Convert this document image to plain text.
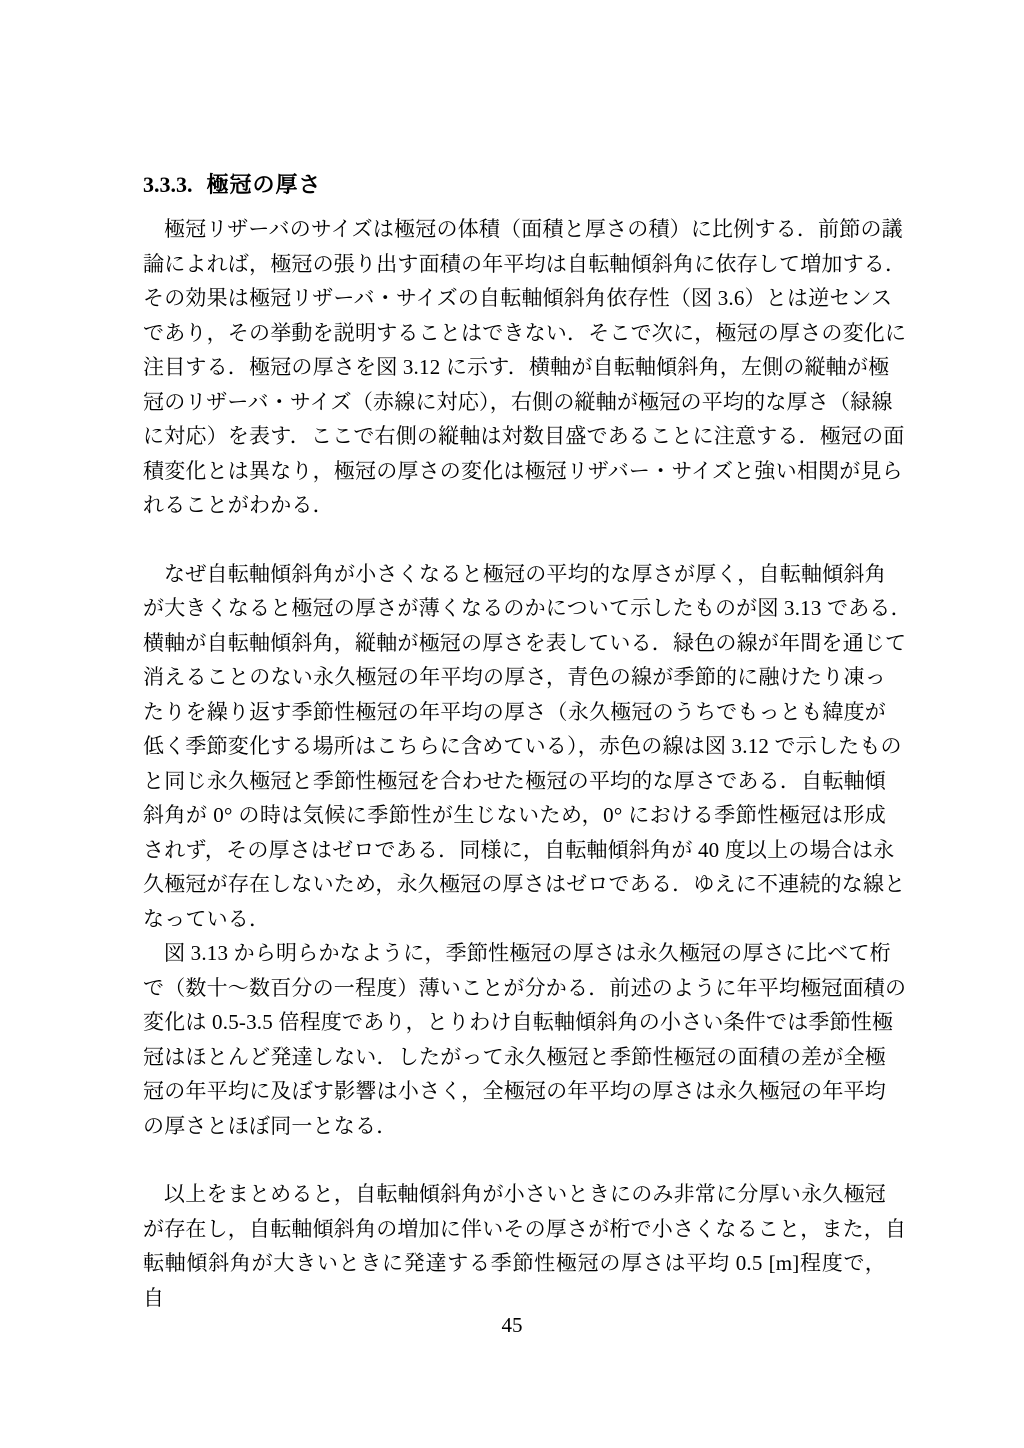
3.3.3. 極冠の厚さ
極冠リザーバのサイズは極冠の体積（面積と厚さの積）に比例する．前節の議
論によれば，極冠の張り出す面積の年平均は自転軸傾斜角に依存して増加する．
その効果は極冠リザーバ・サイズの自転軸傾斜角依存性（図 3.6）とは逆センス
であり，その挙動を説明することはできない．そこで次に，極冠の厚さの変化に
注目する．極冠の厚さを図 3.12 に示す．横軸が自転軸傾斜角，左側の縦軸が極
冠のリザーバ・サイズ（赤線に対応），右側の縦軸が極冠の平均的な厚さ（緑線
に対応）を表す．ここで右側の縦軸は対数目盛であることに注意する．極冠の面
積変化とは異なり，極冠の厚さの変化は極冠リザバー・サイズと強い相関が見ら
れることがわかる．
なぜ自転軸傾斜角が小さくなると極冠の平均的な厚さが厚く，自転軸傾斜角
が大きくなると極冠の厚さが薄くなるのかについて示したものが図 3.13 である．
横軸が自転軸傾斜角，縦軸が極冠の厚さを表している．緑色の線が年間を通じて
消えることのない永久極冠の年平均の厚さ，青色の線が季節的に融けたり凍っ
たりを繰り返す季節性極冠の年平均の厚さ（永久極冠のうちでもっとも緯度が
低く季節変化する場所はこちらに含めている），赤色の線は図 3.12 で示したもの
と同じ永久極冠と季節性極冠を合わせた極冠の平均的な厚さである．自転軸傾
斜角が 0° の時は気候に季節性が生じないため，0° における季節性極冠は形成
されず，その厚さはゼロである．同様に，自転軸傾斜角が 40 度以上の場合は永
久極冠が存在しないため，永久極冠の厚さはゼロである．ゆえに不連続的な線と
なっている．
図 3.13 から明らかなように，季節性極冠の厚さは永久極冠の厚さに比べて桁
で（数十〜数百分の一程度）薄いことが分かる．前述のように年平均極冠面積の
変化は 0.5-3.5 倍程度であり，とりわけ自転軸傾斜角の小さい条件では季節性極
冠はほとんど発達しない．したがって永久極冠と季節性極冠の面積の差が全極
冠の年平均に及ぼす影響は小さく，全極冠の年平均の厚さは永久極冠の年平均
の厚さとほぼ同一となる．
以上をまとめると，自転軸傾斜角が小さいときにのみ非常に分厚い永久極冠
が存在し，自転軸傾斜角の増加に伴いその厚さが桁で小さくなること，また，自
転軸傾斜角が大きいときに発達する季節性極冠の厚さは平均 0.5 [m]程度で，自
45
